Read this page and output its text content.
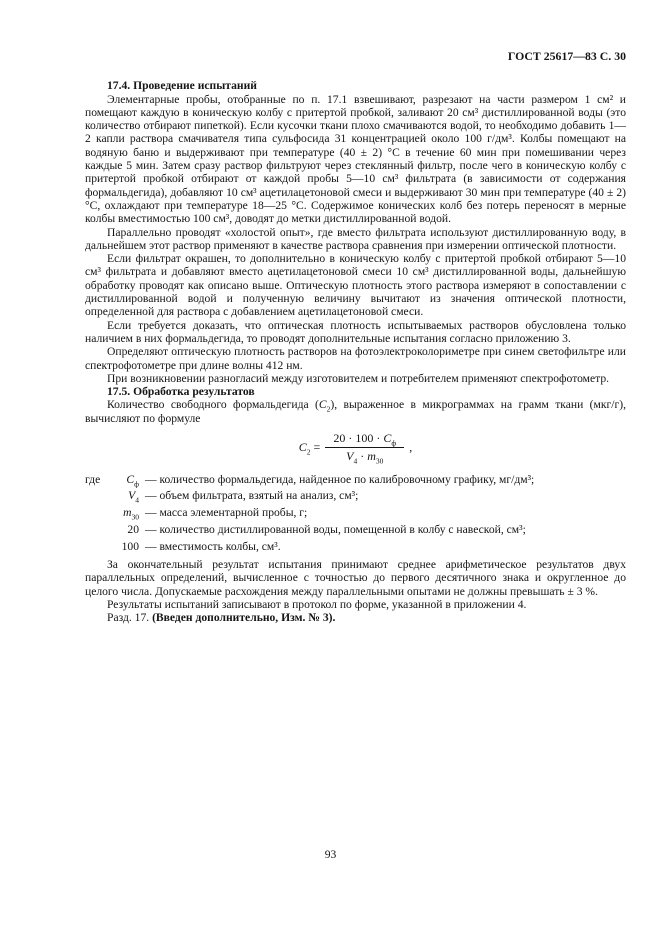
ГОСТ 25617—83 С. 30
17.4. Проведение испытаний

Элементарные пробы, отобранные по п. 17.1 взвешивают, разрезают на части размером 1 см² и помещают каждую в коническую колбу с притертой пробкой, заливают 20 см³ дистиллированной воды (это количество отбирают пипеткой). Если кусочки ткани плохо смачиваются водой, то необходимо добавить 1—2 капли раствора смачивателя типа сульфосида 31 концентрацией около 100 г/дм³. Колбы помещают на водяную баню и выдерживают при температуре (40 ± 2) °С в течение 60 мин при помешивании через каждые 5 мин. Затем сразу раствор фильтруют через стеклянный фильтр, после чего в коническую колбу с притертой пробкой отбирают от каждой пробы 5—10 см³ фильтрата (в зависимости от содержания формальдегида), добавляют 10 см³ ацетилацетоновой смеси и выдерживают 30 мин при температуре (40 ± 2) °С, охлаждают при температуре 18—25 °С. Содержимое конических колб без потерь переносят в мерные колбы вместимостью 100 см³, доводят до метки дистиллированной водой.

Параллельно проводят «холостой опыт», где вместо фильтрата используют дистиллированную воду, в дальнейшем этот раствор применяют в качестве раствора сравнения при измерении оптической плотности.

Если фильтрат окрашен, то дополнительно в коническую колбу с притертой пробкой отбирают 5—10 см³ фильтрата и добавляют вместо ацетилацетоновой смеси 10 см³ дистиллированной воды, дальнейшую обработку проводят как описано выше. Оптическую плотность этого раствора измеряют в сопоставлении с дистиллированной водой и полученную величину вычитают из значения оптической плотности, определенной для раствора с добавлением ацетилацетоновой смеси.

Если требуется доказать, что оптическая плотность испытываемых растворов обусловлена только наличием в них формальдегида, то проводят дополнительные испытания согласно приложению 3.

Определяют оптическую плотность растворов на фотоэлектроколориметре при синем светофильтре или спектрофотометре при длине волны 412 нм.

При возникновении разногласий между изготовителем и потребителем применяют спектрофотометр.

17.5. Обработка результатов

Количество свободного формальдегида $(C_2)$, выраженное в микрограммах на грамм ткани (мкг/г), вычисляют по формуле

$C_2 = \frac{20 \cdot 100 \cdot C_ф}{V_4 \cdot m_{30}}$ ,
где	$C_ф$ — количество формальдегида, найденное по калибровочному графику, мг/дм³;
$V_4$ — объем фильтрата, взятый на анализ, см³;
$m_{30}$ — масса элементарной пробы, г;
20 — количество дистиллированной воды, помещенной в колбу с навеской, см³;
100 — вместимость колбы, см³.

За окончательный результат испытания принимают среднее арифметическое результатов двух параллельных определений, вычисленное с точностью до первого десятичного знака и округленное до целого числа. Допускаемые расхождения между параллельными опытами не должны превышать ± 3 %.

Результаты испытаний записывают в протокол по форме, указанной в приложении 4.

Разд. 17. (Введен дополнительно, Изм. № 3).

93
